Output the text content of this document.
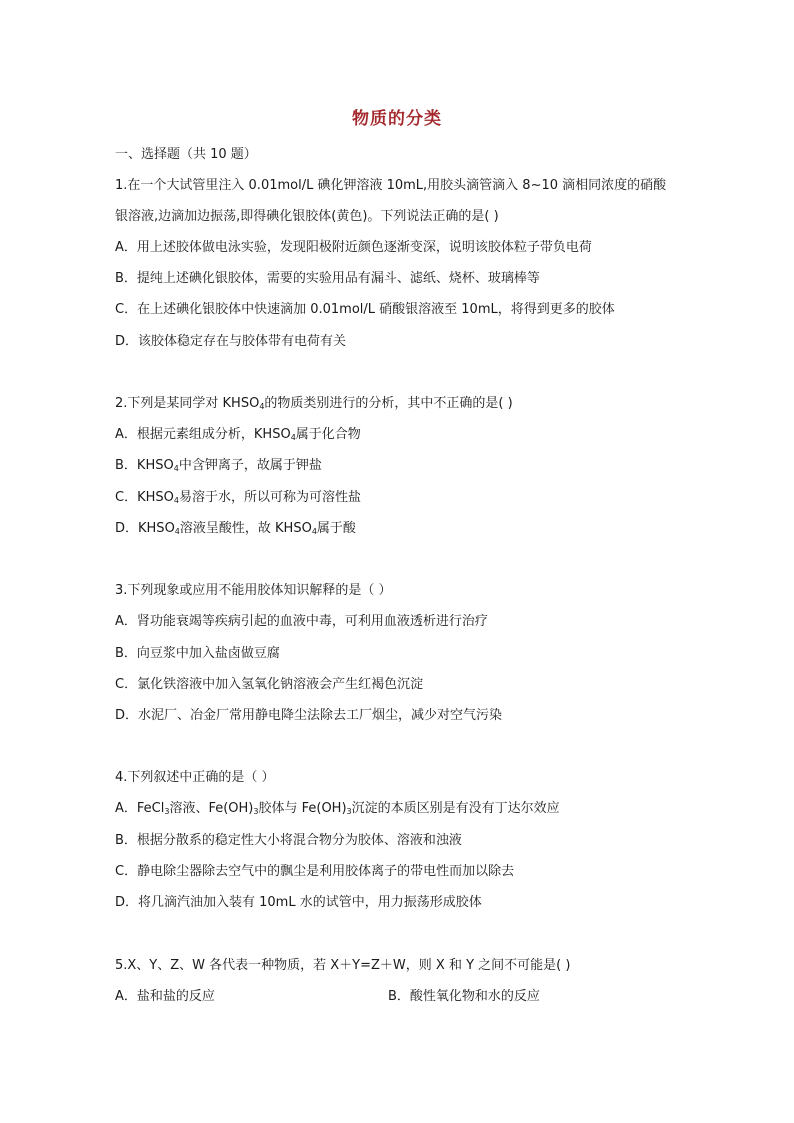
物质的分类
一、选择题（共 10 题）
1.在一个大试管里注入 0.01mol/L 碘化钾溶液 10mL,用胶头滴管滴入 8~10 滴相同浓度的硝酸
银溶液,边滴加边振荡,即得碘化银胶体(黄色)。下列说法正确的是( )
A．用上述胶体做电泳实验，发现阳极附近颜色逐渐变深，说明该胶体粒子带负电荷
B．提纯上述碘化银胶体，需要的实验用品有漏斗、滤纸、烧杯、玻璃棒等
C．在上述碘化银胶体中快速滴加 0.01mol/L 硝酸银溶液至 10mL，将得到更多的胶体
D．该胶体稳定存在与胶体带有电荷有关
2.下列是某同学对 $KHSO_4$的物质类别进行的分析，其中不正确的是( )
A．根据元素组成分析，$KHSO_4$属于化合物
B．$KHSO_4$中含钾离子，故属于钾盐
C．$KHSO_4$易溶于水，所以可称为可溶性盐
D．$KHSO_4$溶液呈酸性，故 $KHSO_4$属于酸
3.下列现象或应用不能用胶体知识解释的是（ ）
A．肾功能衰竭等疾病引起的血液中毒，可利用血液透析进行治疗
B．向豆浆中加入盐卤做豆腐
C．氯化铁溶液中加入氢氧化钠溶液会产生红褐色沉淀
D．水泥厂、冶金厂常用静电降尘法除去工厂烟尘，减少对空气污染
4.下列叙述中正确的是（ ）
A．FeCl$_3$溶液、$Fe(OH)_3$胶体与 $Fe(OH)_3$沉淀的本质区别是有没有丁达尔效应
B．根据分散系的稳定性大小将混合物分为胶体、溶液和浊液
C．静电除尘器除去空气中的飘尘是利用胶体离子的带电性而加以除去
D．将几滴汽油加入装有 10mL 水的试管中，用力振荡形成胶体
5.X、Y、Z、W 各代表一种物质，若 X＋Y=Z＋W，则 X 和 Y 之间不可能是( )
A．盐和盐的反应	B．酸性氧化物和水的反应
